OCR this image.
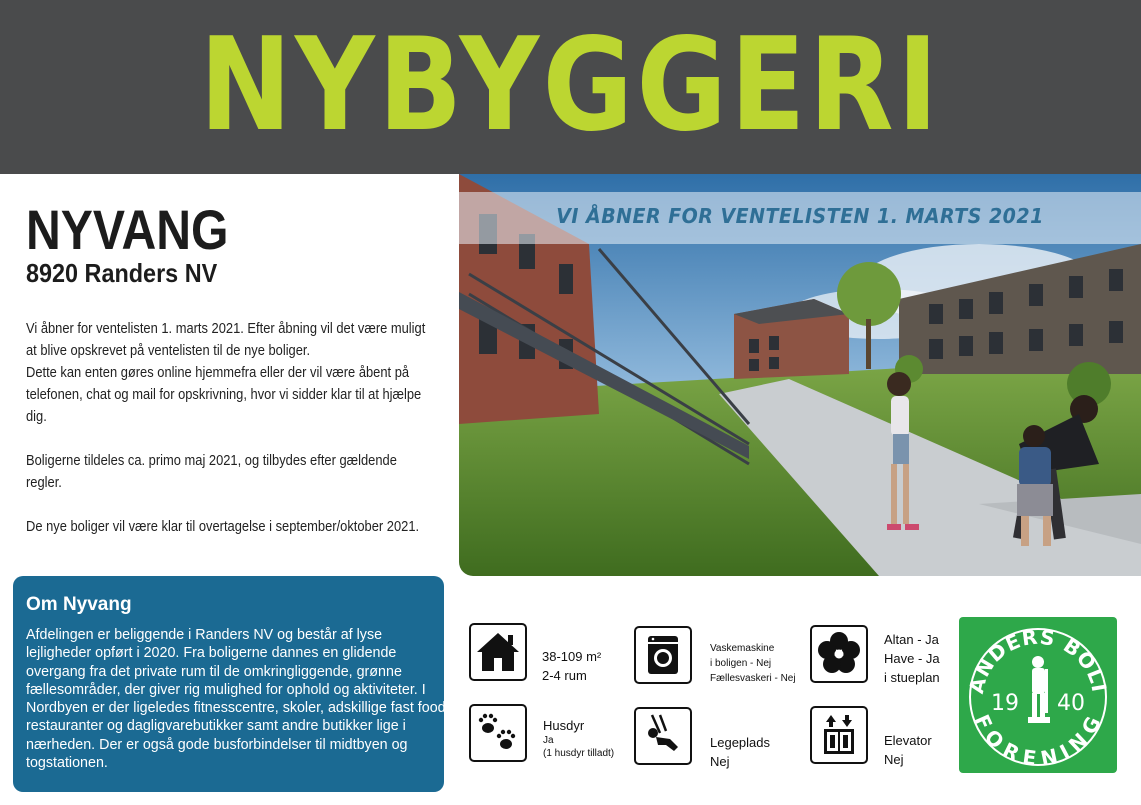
NYBYGGERI
NYVANG
8920 Randers NV

Vi åbner for ventelisten 1. marts 2021. Efter åbning vil det være muligt at blive opskrevet på ventelisten til de nye boliger.
Dette kan enten gøres online hjemmefra eller der vil være åbent på telefonen, chat og mail for opskrivning, hvor vi sidder klar til at hjælpe dig.

Boligerne tildeles ca. primo maj 2021, og tilbydes efter gældende regler.

De nye boliger vil være klar til overtagelse i september/oktober 2021.

VI ÅBNER FOR VENTELISTEN 1. MARTS 2021
Om Nyvang
Afdelingen er beliggende i Randers NV og består af lyse lejligheder opført i 2020. Fra boligerne dannes en glidende overgang fra det private rum til de omkringliggende, grønne fællesområder, der giver rig mulighed for ophold og aktiviteter. I Nordbyen er der ligeledes fitnesscentre, skoler, adskillige fast food restauranter og dagligvarebutikker samt andre butikker lige i nærheden. Der er også gode busforbindelser til midtbyen og togstationen.
38-109 m²
2-4 rum
Vaskemaskine
i boligen - Nej
Fællesvaskeri - Nej
Altan - Ja
Have - Ja
i stueplan
Husdyr
Ja
(1 husdyr tilladt)
Legeplads
Nej
Elevator
Nej
ANDERS BOLI
FORENING
19 40
